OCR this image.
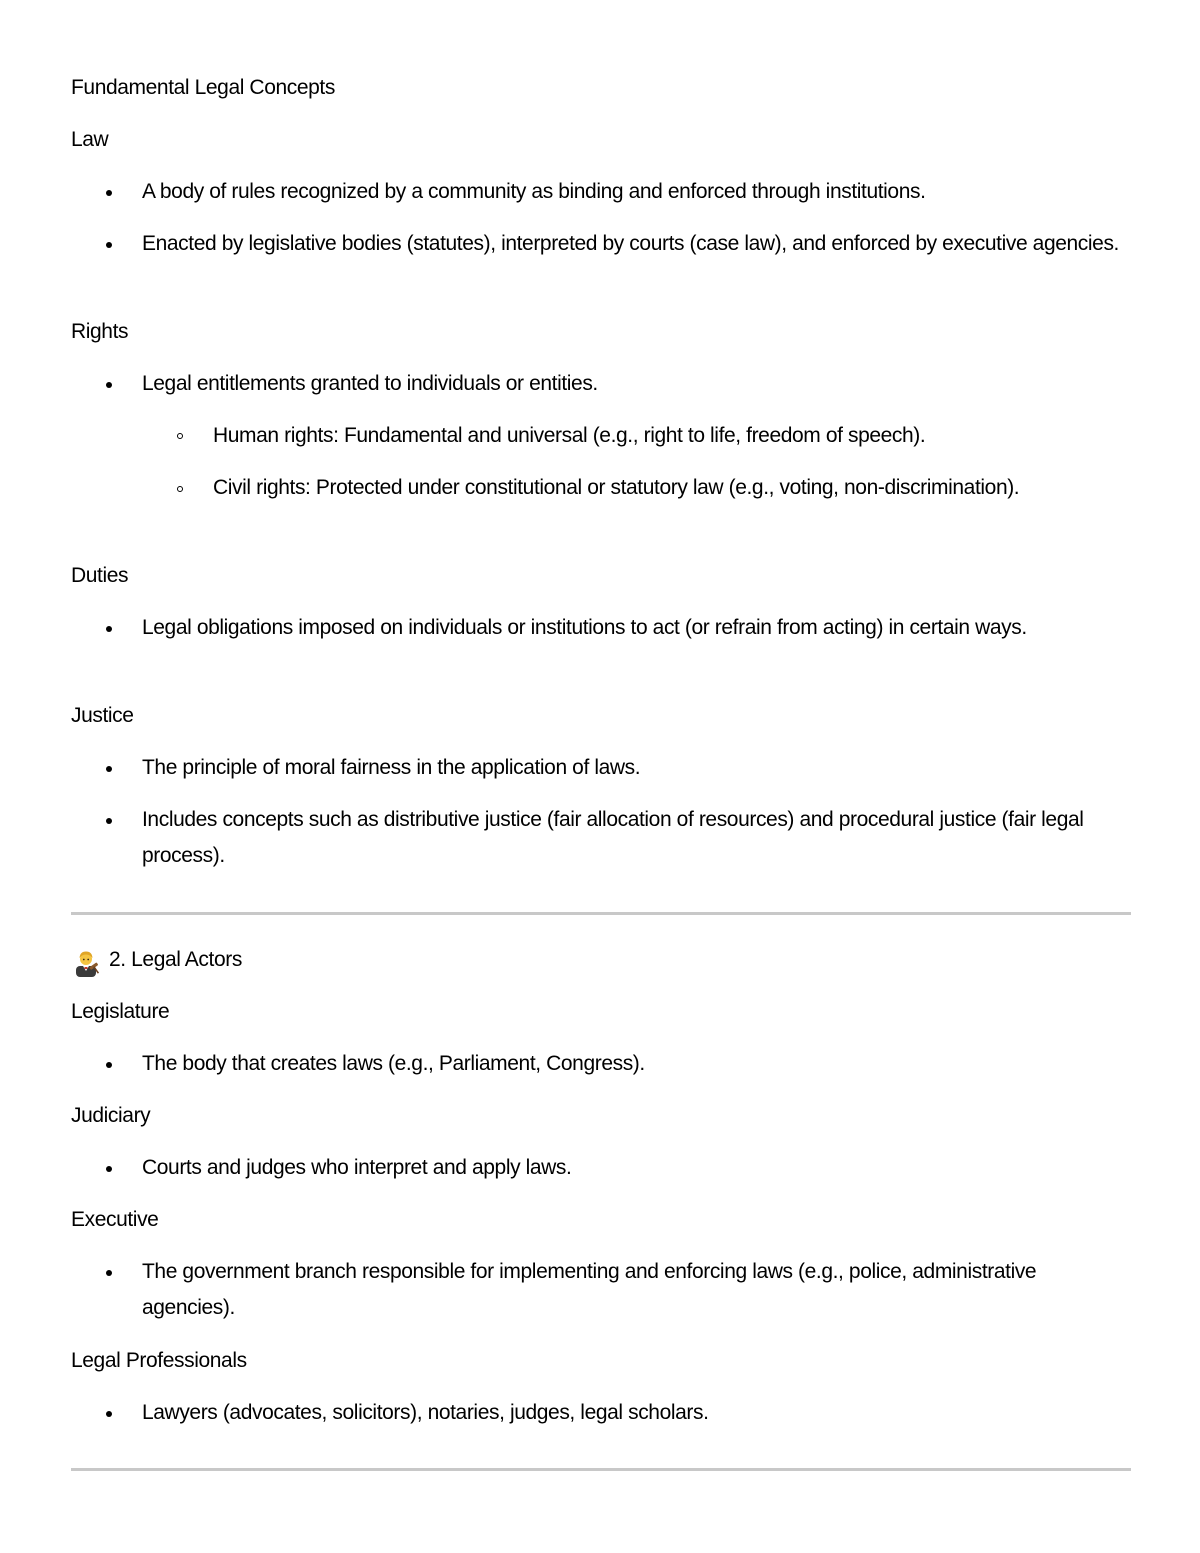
Fundamental Legal Concepts
Law
A body of rules recognized by a community as binding and enforced through institutions.
Enacted by legislative bodies (statutes), interpreted by courts (case law), and enforced by executive agencies.
Rights
Legal entitlements granted to individuals or entities.
Human rights: Fundamental and universal (e.g., right to life, freedom of speech).
Civil rights: Protected under constitutional or statutory law (e.g., voting, non-discrimination).
Duties
Legal obligations imposed on individuals or institutions to act (or refrain from acting) in certain ways.
Justice
The principle of moral fairness in the application of laws.
Includes concepts such as distributive justice (fair allocation of resources) and procedural justice (fair legal process).
2. Legal Actors
Legislature
The body that creates laws (e.g., Parliament, Congress).
Judiciary
Courts and judges who interpret and apply laws.
Executive
The government branch responsible for implementing and enforcing laws (e.g., police, administrative agencies).
Legal Professionals
Lawyers (advocates, solicitors), notaries, judges, legal scholars.
